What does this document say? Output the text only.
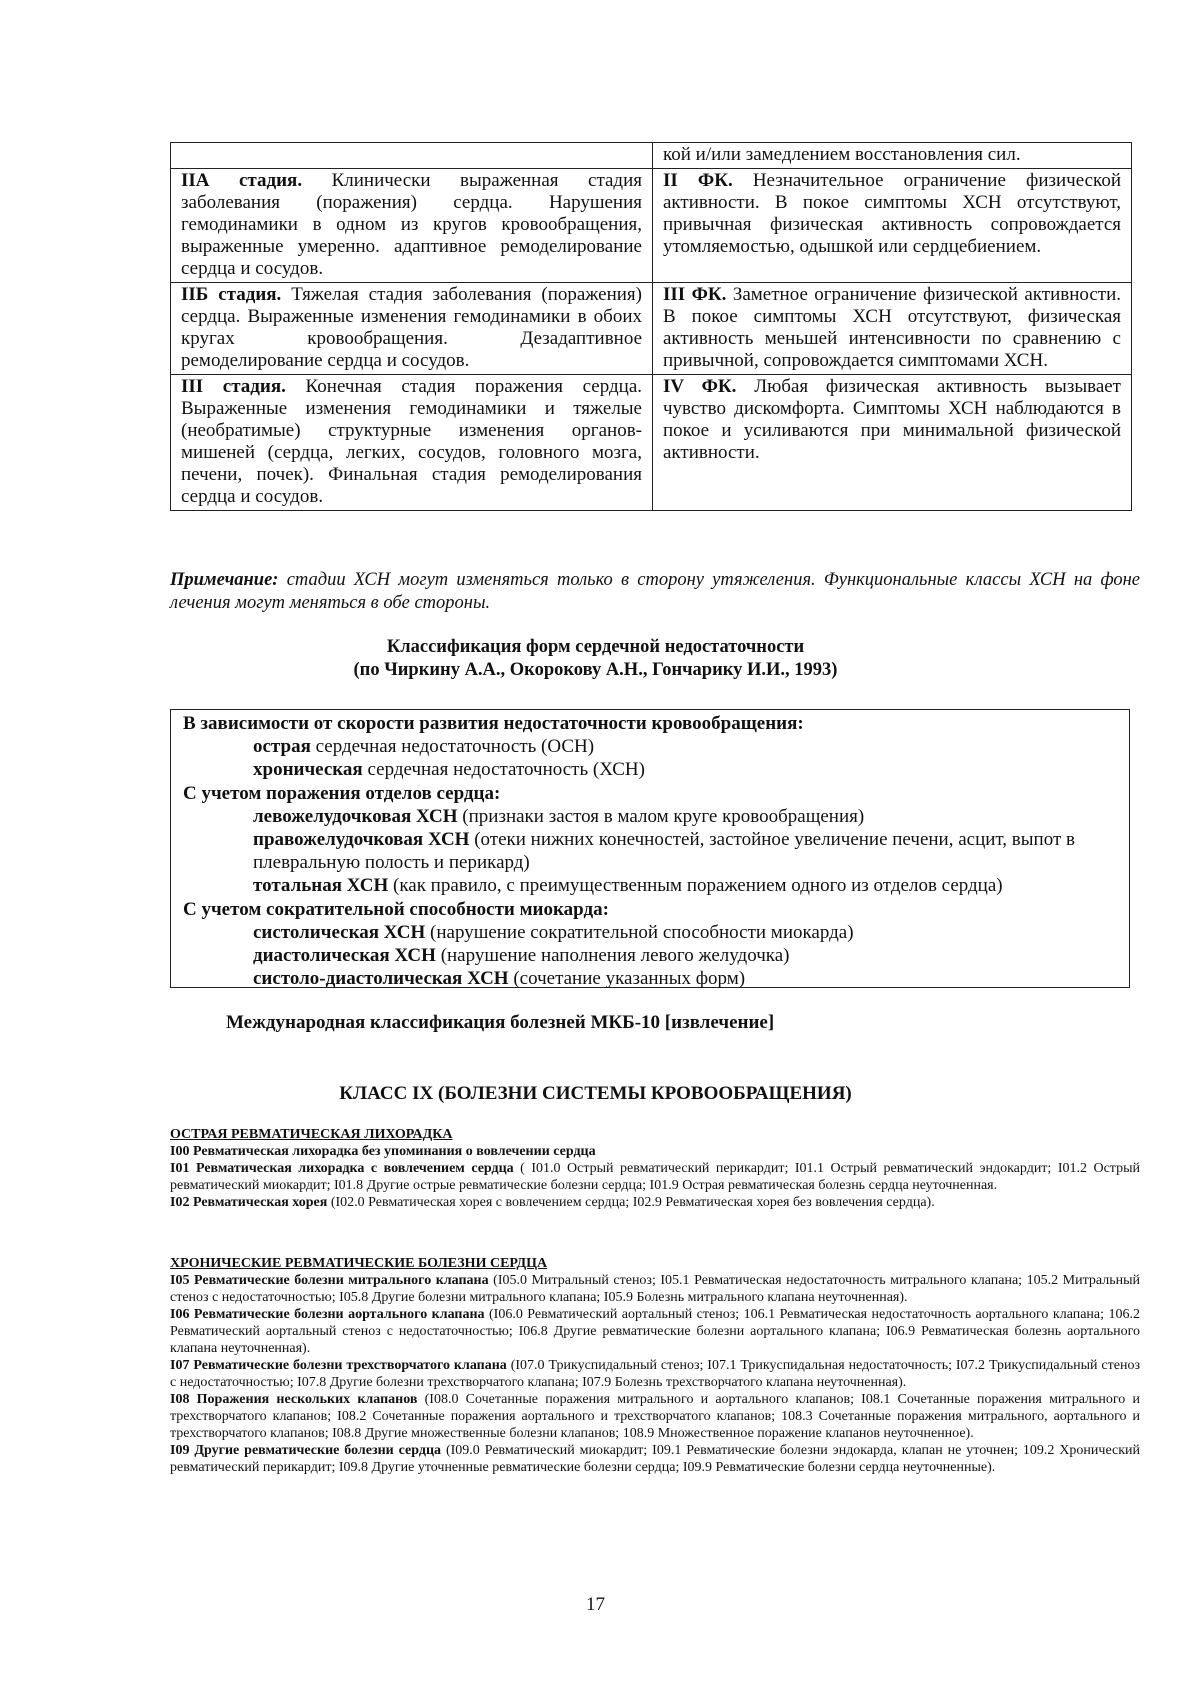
	кой и/или замедлением восстановления сил.
IIА стадия. Клинически выраженная стадия заболевания (поражения) сердца. Нарушения гемодинамики в одном из кругов кровообращения, выраженные умеренно. адаптивное ремоделирование сердца и сосудов.	II ФК. Незначительное ограничение физической активности. В покое симптомы ХСН отсутствуют, привычная физическая активность сопровождается утомляемостью, одышкой или сердцебиением.
IIБ стадия. Тяжелая стадия заболевания (поражения) сердца. Выраженные изменения гемодинамики в обоих кругах кровообращения. Дезадаптивное ремоделирование сердца и сосудов.	III ФК. Заметное ограничение физической активности. В покое симптомы ХСН отсутствуют, физическая активность меньшей интенсивности по сравнению с привычной, сопровождается симптомами ХСН.
III стадия. Конечная стадия поражения сердца. Выраженные изменения гемодинамики и тяжелые (необратимые) структурные изменения органов-мишеней (сердца, легких, сосудов, головного мозга, печени, почек). Финальная стадия ремоделирования сердца и сосудов.	IV ФК. Любая физическая активность вызывает чувство дискомфорта. Симптомы ХСН наблюдаются в покое и усиливаются при минимальной физической активности.
Примечание: стадии ХСН могут изменяться только в сторону утяжеления. Функциональные классы ХСН на фоне лечения могут меняться в обе стороны.
Классификация форм сердечной недостаточности
(по Чиркину А.А., Окорокову А.Н., Гончарику И.И., 1993)
В зависимости от скорости развития недостаточности кровообращения:
острая сердечная недостаточность (ОСН)
хроническая сердечная недостаточность (ХСН)
С учетом поражения отделов сердца:
левожелудочковая ХСН (признаки застоя в малом круге кровообращения)
правожелудочковая ХСН (отеки нижних конечностей, застойное увеличение печени, асцит, выпот в плевральную полость и перикард)
тотальная ХСН (как правило, с преимущественным поражением одного из отделов сердца)
С учетом сократительной способности миокарда:
систолическая ХСН (нарушение сократительной способности миокарда)
диастолическая ХСН (нарушение наполнения левого желудочка)
систоло-диастолическая ХСН (сочетание указанных форм)
Международная классификация болезней МКБ-10 [извлечение]
КЛАСС IX (БОЛЕЗНИ СИСТЕМЫ КРОВООБРАЩЕНИЯ)
ОСТРАЯ РЕВМАТИЧЕСКАЯ ЛИХОРАДКА
I00 Ревматическая лихорадка без упоминания о вовлечении сердца
I01 Ревматическая лихорадка с вовлечением сердца ( I01.0 Острый ревматический перикардит; I01.1 Острый ревматический эндокардит; I01.2 Острый ревматический миокардит; I01.8 Другие острые ревматические болезни сердца; I01.9 Острая ревматическая болезнь сердца неуточненная.
I02 Ревматическая хорея (I02.0 Ревматическая хорея с вовлечением сердца; I02.9 Ревматическая хорея без вовлечения сердца).
ХРОНИЧЕСКИЕ РЕВМАТИЧЕСКИЕ БОЛЕЗНИ СЕРДЦА
I05 Ревматические болезни митрального клапана (I05.0 Митральный стеноз; I05.1 Ревматическая недостаточность митрального клапана; 105.2 Митральный стеноз с недостаточностью; I05.8 Другие болезни митрального клапана; I05.9 Болезнь митрального клапана неуточненная).
I06 Ревматические болезни аортального клапана (I06.0 Ревматический аортальный стеноз; 106.1 Ревматическая недостаточность аортального клапана; 106.2 Ревматический аортальный стеноз с недостаточностью; I06.8 Другие ревматические болезни аортального клапана; I06.9 Ревматическая болезнь аортального клапана неуточненная).
I07 Ревматические болезни трехстворчатого клапана (I07.0 Трикуспидальный стеноз; I07.1 Трикуспидальная недостаточность; I07.2 Трикуспидальный стеноз с недостаточностью; I07.8 Другие болезни трехстворчатого клапана; I07.9 Болезнь трехстворчатого клапана неуточненная).
I08 Поражения нескольких клапанов (I08.0 Сочетанные поражения митрального и аортального клапанов; I08.1 Сочетанные поражения митрального и трехстворчатого клапанов; I08.2 Сочетанные поражения аортального и трехстворчатого клапанов; 108.3 Сочетанные поражения митрального, аортального и трехстворчатого клапанов; I08.8 Другие множественные болезни клапанов; 108.9 Множественное поражение клапанов неуточненное).
I09 Другие ревматические болезни сердца (I09.0 Ревматический миокардит; I09.1 Ревматические болезни эндокарда, клапан не уточнен; 109.2 Хронический ревматический перикардит; I09.8 Другие уточненные ревматические болезни сердца; I09.9 Ревматические болезни сердца неуточненные).
17
